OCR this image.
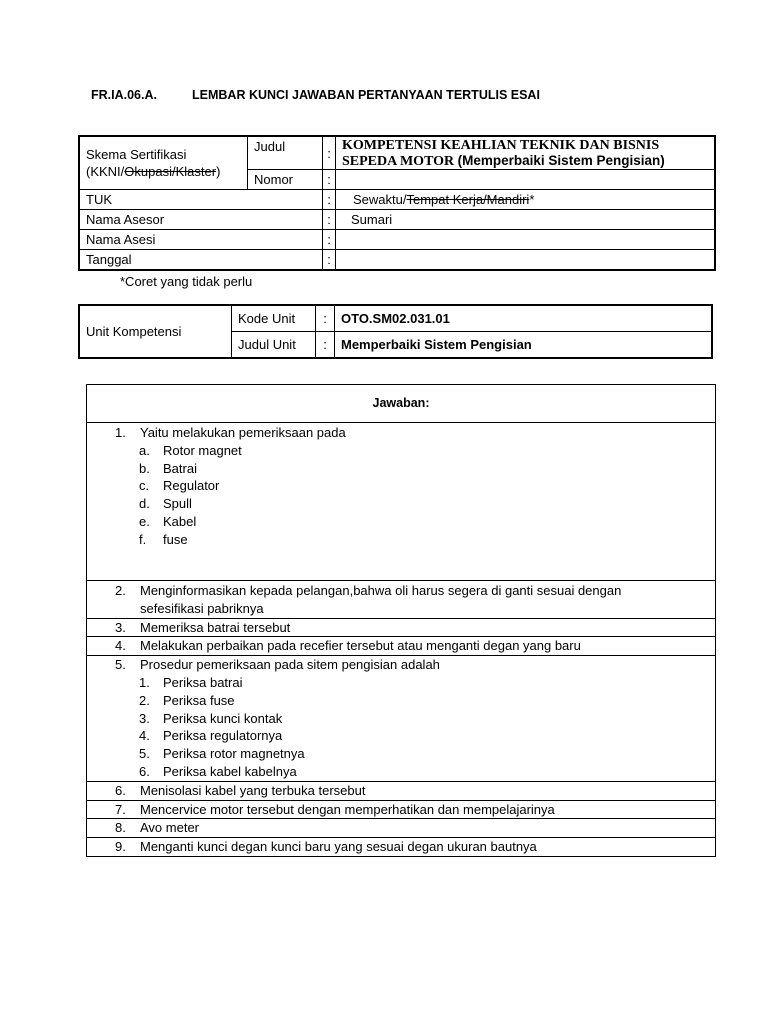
FR.IA.06.A.	LEMBAR KUNCI JAWABAN PERTANYAAN TERTULIS ESAI
Skema Sertifikasi
(KKNI/Okupasi/Klaster)	Judul	:	KOMPETENSI KEAHLIAN TEKNIK DAN BISNIS
SEPEDA MOTOR (Memperbaiki Sistem Pengisian)
	Nomor	:	
TUK		:	Sewaktu/Tempat Kerja/Mandiri*
Nama Asesor		:	Sumari
Nama Asesi		:	
Tanggal		:	
*Coret yang tidak perlu
Unit Kompetensi	Kode Unit	:	OTO.SM02.031.01
	Judul Unit	:	Memperbaiki Sistem Pengisian
Jawaban:

1. Yaitu melakukan pemeriksaan pada
a. Rotor magnet
b. Batrai
c. Regulator
d. Spull
e. Kabel
f. fuse

2. Menginformasikan kepada pelangan,bahwa oli harus segera di ganti sesuai dengan
sefesifikasi pabriknya

3. Memeriksa batrai tersebut

4. Melakukan perbaikan pada recefier tersebut atau menganti degan yang baru

5. Prosedur pemeriksaan pada sitem pengisian adalah
1. Periksa batrai
2. Periksa fuse
3. Periksa kunci kontak
4. Periksa regulatornya
5. Periksa rotor magnetnya
6. Periksa kabel kabelnya

6. Menisolasi kabel yang terbuka tersebut

7. Mencervice motor tersebut dengan memperhatikan dan mempelajarinya

8. Avo meter

9. Menganti kunci degan kunci baru yang sesuai degan ukuran bautnya
